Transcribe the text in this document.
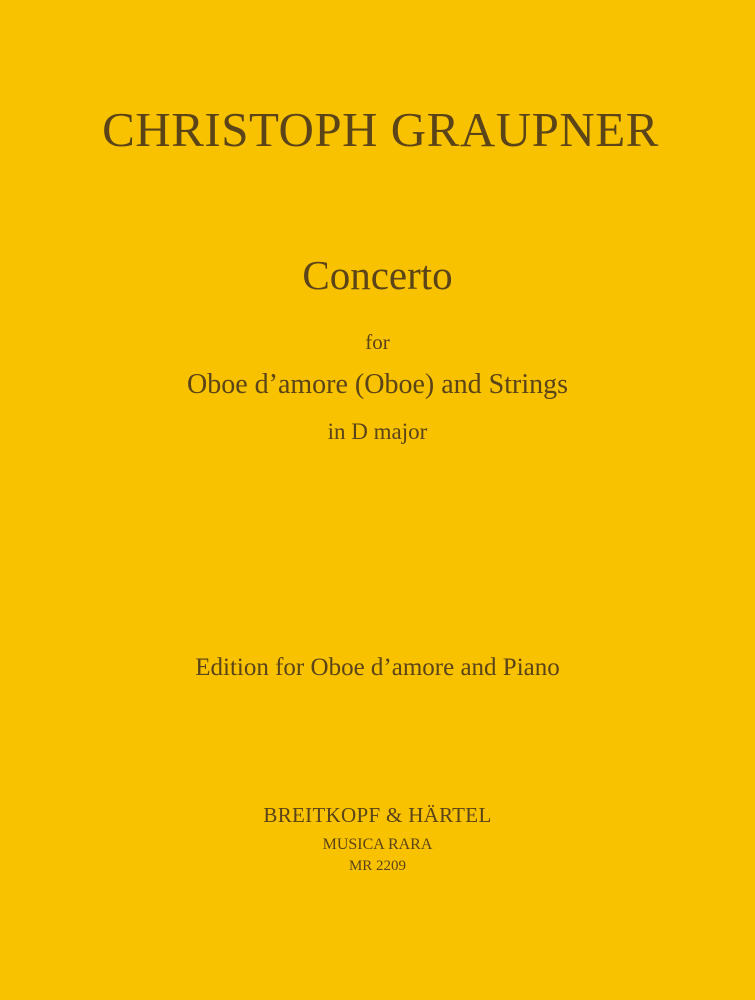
CHRISTOPH GRAUPNER
Concerto
for
Oboe d’amore (Oboe) and Strings
in D major
Edition for Oboe d’amore and Piano
BREITKOPF & HÄRTEL
MUSICA RARA
MR 2209
